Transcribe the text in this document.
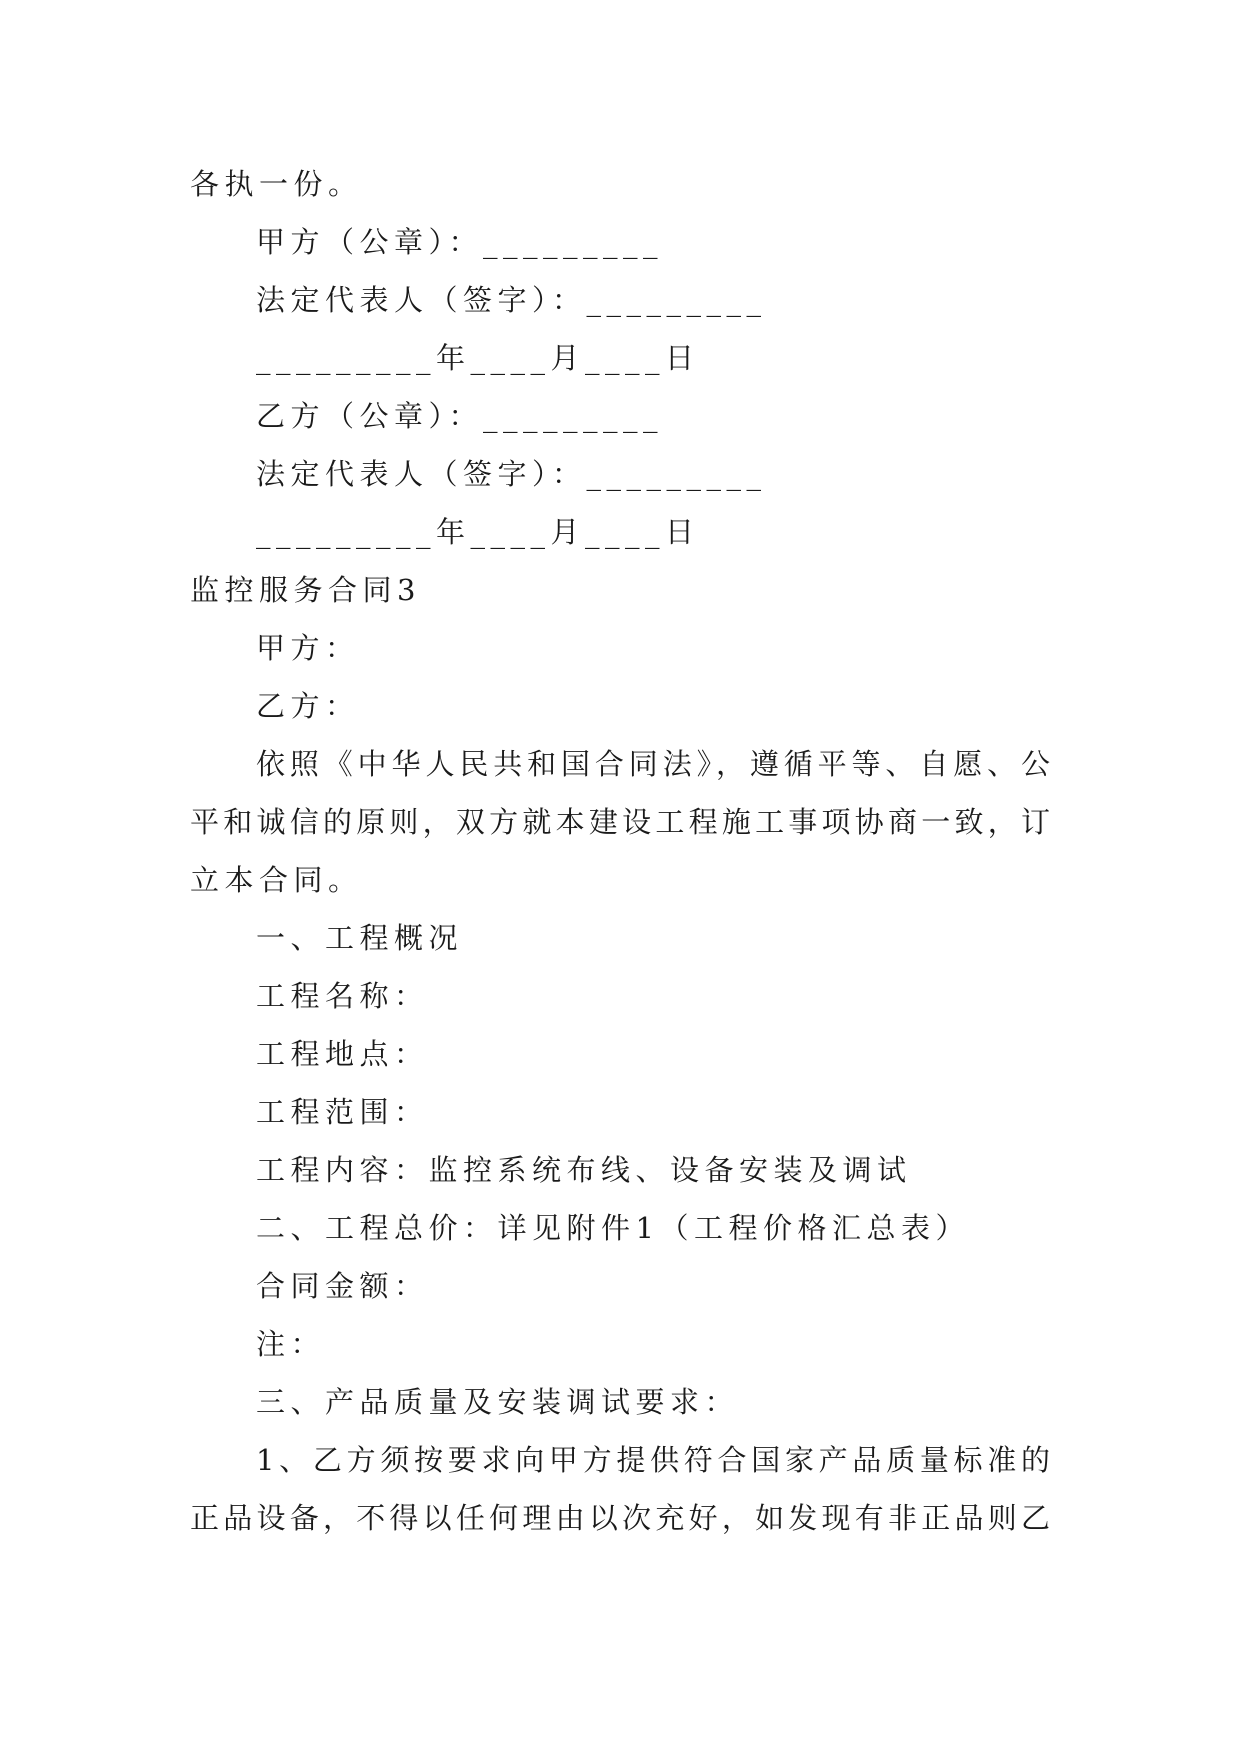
各执一份。
甲方（公章）：_________
法定代表人（签字）：_________
_________年____月____日
乙方（公章）：_________
法定代表人（签字）：_________
_________年____月____日
监控服务合同3
甲方：
乙方：
依照《中华人民共和国合同法》，遵循平等、自愿、公
平和诚信的原则，双方就本建设工程施工事项协商一致，订
立本合同。
一、工程概况
工程名称：
工程地点：
工程范围：
工程内容：监控系统布线、设备安装及调试
二、工程总价：详见附件1（工程价格汇总表）
合同金额：
注：
三、产品质量及安装调试要求：
1、乙方须按要求向甲方提供符合国家产品质量标准的
正品设备，不得以任何理由以次充好，如发现有非正品则乙
